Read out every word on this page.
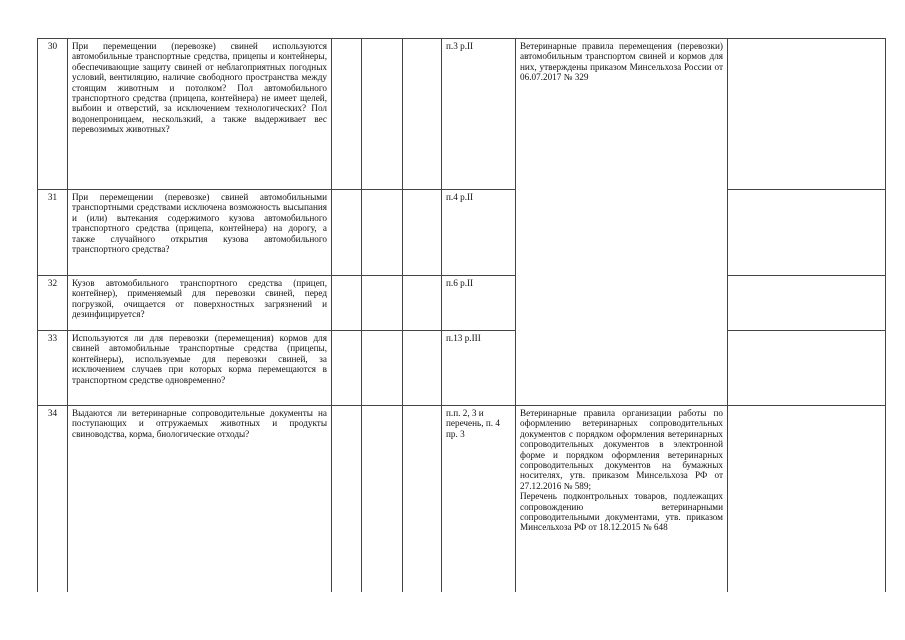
30	При перемещении (перевозке) свиней используются автомобильные транспортные средства, прицепы и контейнеры, обеспечивающие защиту свиней от неблагоприятных погодных условий, вентиляцию, наличие свободного пространства между стоящим животным и потолком? Пол автомобильного транспортного средства (прицепа, контейнера) не имеет щелей, выбоин и отверстий, за исключением технологических? Пол водонепроницаем, нескользкий, а также выдерживает вес перевозимых животных?				п.3 р.II	Ветеринарные правила перемещения (перевозки) автомобильным транспортом свиней и кормов для них, утверждены приказом Минсельхоза России от 06.07.2017 № 329	
31	При перемещении (перевозке) свиней автомобильными транспортными средствами исключена возможность высыпания и (или) вытекания содержимого кузова автомобильного транспортного средства (прицепа, контейнера) на дорогу, а также случайного открытия кузова автомобильного транспортного средства?				п.4 р.II		
32	Кузов автомобильного транспортного средства (прицеп, контейнер), применяемый для перевозки свиней, перед погрузкой, очищается от поверхностных загрязнений и дезинфицируется?				п.6 р.II		
33	Используются ли для перевозки (перемещения) кормов для свиней автомобильные транспортные средства (прицепы, контейнеры), используемые для перевозки свиней, за исключением случаев при которых корма перемещаются в транспортном средстве одновременно?				п.13 р.III		
34	Выдаются ли ветеринарные сопроводительные документы на поступающих и отгружаемых животных и продукты свиноводства, корма, биологические отходы?				п.п. 2, 3 и перечень, п. 4 пр. 3	Ветеринарные правила организации работы по оформлению ветеринарных сопроводительных документов с порядком оформления ветеринарных сопроводительных документов в электронной форме и порядком оформления ветеринарных сопроводительных документов на бумажных носителях, утв. приказом Минсельхоза РФ от 27.12.2016 № 589;
Перечень подконтрольных товаров, подлежащих сопровождению ветеринарными сопроводительными документами, утв. приказом Минсельхоза РФ от 18.12.2015 № 648	
